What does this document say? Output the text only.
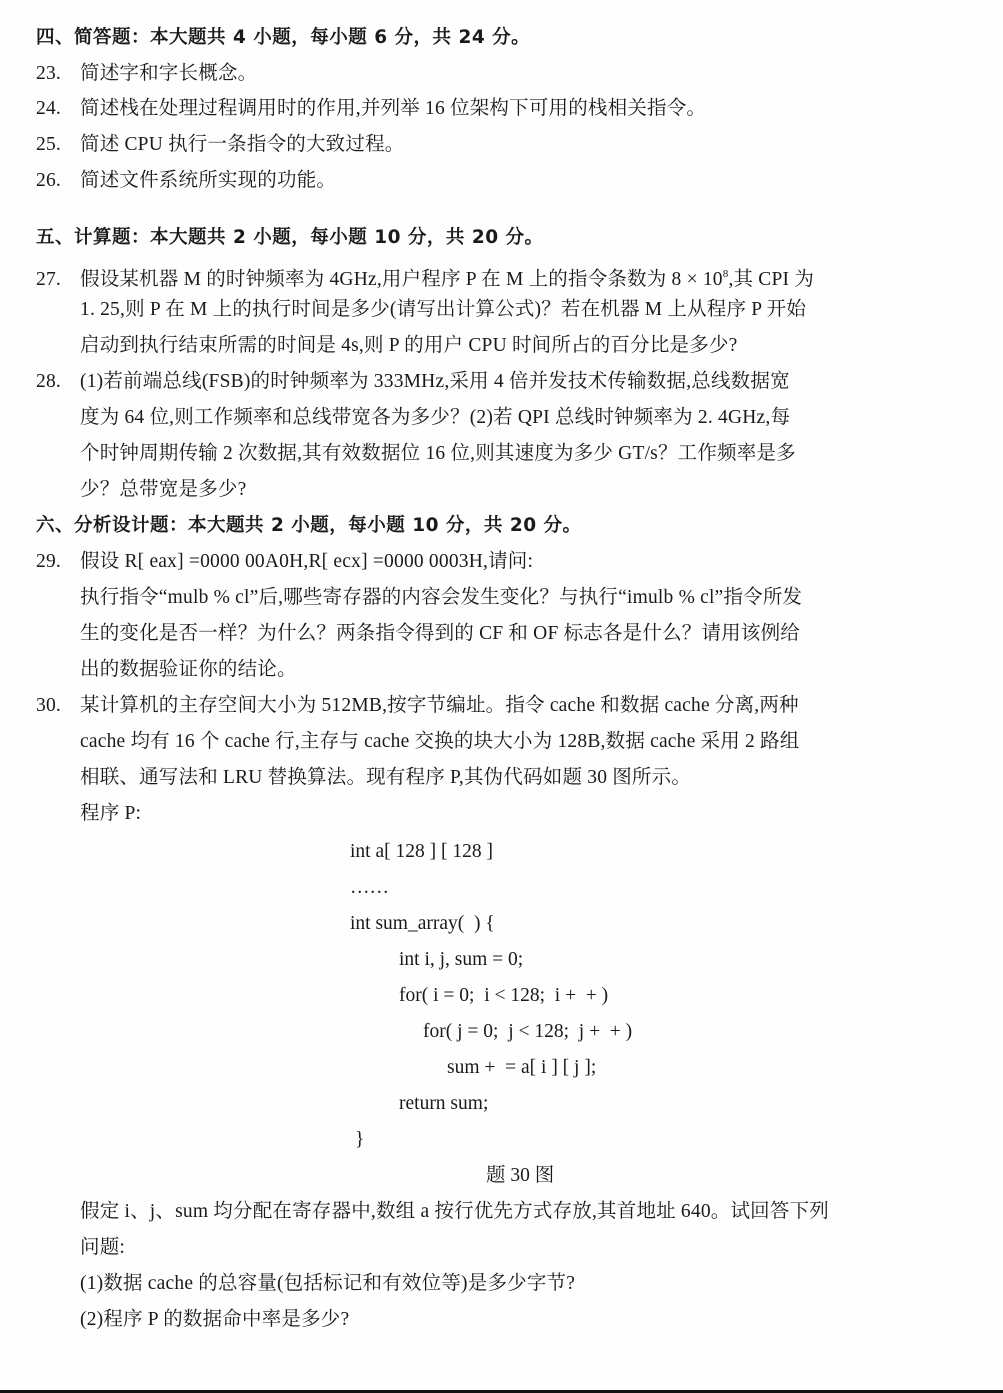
四、简答题：本大题共 4 小题，每小题 6 分，共 24 分。
23. 简述字和字长概念。
24. 简述栈在处理过程调用时的作用,并列举 16 位架构下可用的栈相关指令。
25. 简述 CPU 执行一条指令的大致过程。
26. 简述文件系统所实现的功能。
五、计算题：本大题共 2 小题，每小题 10 分，共 20 分。
27. 假设某机器 M 的时钟频率为 4GHz,用户程序 P 在 M 上的指令条数为 $8 \times 10^8$,其 CPI 为
1. 25,则 P 在 M 上的执行时间是多少(请写出计算公式)？若在机器 M 上从程序 P 开始
启动到执行结束所需的时间是 4s,则 P 的用户 CPU 时间所占的百分比是多少?
28. (1)若前端总线(FSB)的时钟频率为 333MHz,采用 4 倍并发技术传输数据,总线数据宽
度为 64 位,则工作频率和总线带宽各为多少？(2)若 QPI 总线时钟频率为 2. 4GHz,每
个时钟周期传输 2 次数据,其有效数据位 16 位,则其速度为多少 GT/s？工作频率是多
少？总带宽是多少?
六、分析设计题：本大题共 2 小题，每小题 10 分，共 20 分。
29. 假设 R[ eax] =0000 00A0H,R[ ecx] =0000 0003H,请问:
执行指令“mulb % cl”后,哪些寄存器的内容会发生变化？与执行“imulb % cl”指令所发
生的变化是否一样？为什么？两条指令得到的 CF 和 OF 标志各是什么？请用该例给
出的数据验证你的结论。
30. 某计算机的主存空间大小为 512MB,按字节编址。指令 cache 和数据 cache 分离,两种
cache 均有 16 个 cache 行,主存与 cache 交换的块大小为 128B,数据 cache 采用 2 路组
相联、通写法和 LRU 替换算法。现有程序 P,其伪代码如题 30 图所示。
程序 P:
int a[ 128 ] [ 128 ]
……
int sum_array(  ) {
int i, j, sum = 0;
for( i = 0;  i < 128;  i +  + )
for( j = 0;  j < 128;  j +  + )
sum +  = a[ i ] [ j ];
return sum;
}
题 30 图
假定 i、j、sum 均分配在寄存器中,数组 a 按行优先方式存放,其首地址 640。试回答下列
问题:
(1)数据 cache 的总容量(包括标记和有效位等)是多少字节?
(2)程序 P 的数据命中率是多少?
